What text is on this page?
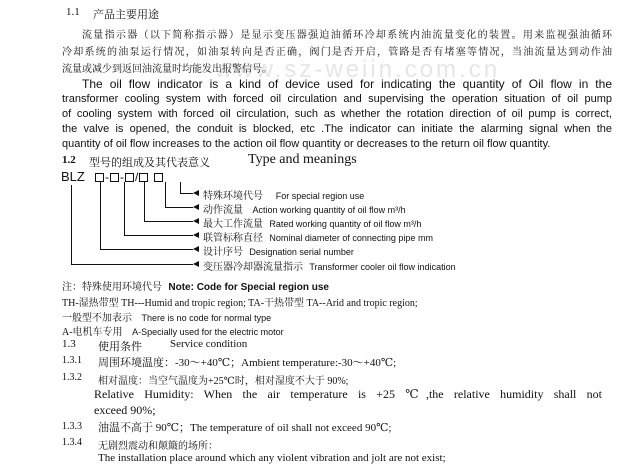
www.sz-weiin.com.cn
1.1 产品主要用途
流量指示器（以下简称指示器）是显示变压器强迫油循环冷却系统内油流量变化的装置。用来监视强油循环
冷却系统的油泵运行情况，如油泵转向是否正确，阀门是否开启，管路是否有堵塞等情况，当油流量达到动作油
流量或减少到返回油流量时均能发出报警信号。
The oil flow indicator is a kind of device used for indicating the quantity of Oil flow in the
transformer cooling system with forced oil circulation and supervising the operation situation of oil pump
of cooling system with forced oil circulation, such as whether the rotation direction of oil pump is correct,
the valve is opened, the conduit is blocked, etc .The indicator can initiate the alarming signal when the
quantity of oil flow increases to the action oil flow quantity or decreases to the return oil flow quantity.
1.2 型号的组成及其代表意义	Type and meanings
BLZ	- - /
特殊环境代号 For special region use
动作流量 Action working quantity of oil flow m³/h
最大工作流量 Rated working quantity of oil flow m³/h
联管标称直径 Nominal diameter of connecting pipe mm
设计序号 Designation serial number
变压器冷却器流量指示 Transformer cooler oil flow indication
注：特殊使用环境代号 Note: Code for Special region use
TH-湿热带型 TH---Humid and tropic region; TA-干热带型 TA--Arid and tropic region;
一般型不加表示 There is no code for normal type
A-电机车专用 A-Specially used for the electric motor
1.3 使用条件	Service condition
1.3.1 周围环境温度：-30～+40℃；Ambient temperature:-30～+40℃;
1.3.2 相对温度：当空气温度为+25℃时，相对湿度不大于 90%;
Relative Humidity: When the air temperature is +25 ℃,the relative humidity shall not
exceed 90%;
1.3.3 油温不高于 90℃；The temperature of oil shall not exceed 90℃;
1.3.4 无剧烈震动和颠簸的场所：
The installation place around which any violent vibration and jolt are not exist;
